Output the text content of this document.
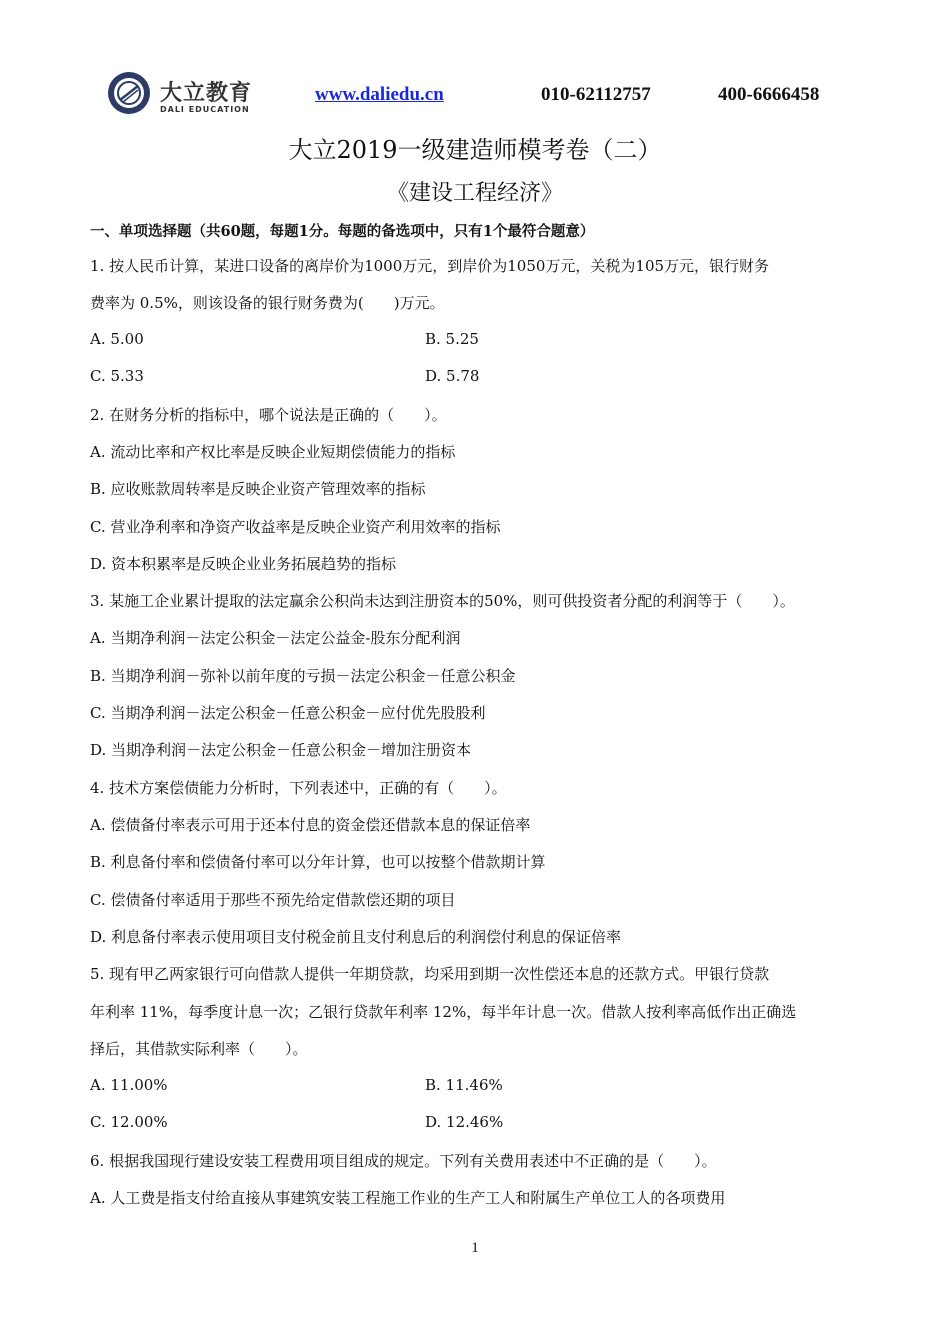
大立教育
DALI EDUCATION
www.daliedu.cn	010-62112757	400-6666458
大立2019一级建造师模考卷（二）
《建设工程经济》
一、单项选择题（共60题，每题1分。每题的备选项中，只有1个最符合题意）
1. 按人民币计算，某进口设备的离岸价为1000万元，到岸价为1050万元，关税为105万元，银行财务
费率为 0.5%，则该设备的银行财务费为(　　)万元。
A. 5.00	B. 5.25
C. 5.33	D. 5.78
2. 在财务分析的指标中，哪个说法是正确的（　　）。
A. 流动比率和产权比率是反映企业短期偿债能力的指标
B. 应收账款周转率是反映企业资产管理效率的指标
C. 营业净利率和净资产收益率是反映企业资产利用效率的指标
D. 资本积累率是反映企业业务拓展趋势的指标
3. 某施工企业累计提取的法定赢余公积尚未达到注册资本的50%，则可供投资者分配的利润等于（　　）。
A. 当期净利润－法定公积金－法定公益金-股东分配利润
B. 当期净利润－弥补以前年度的亏损－法定公积金－任意公积金
C. 当期净利润－法定公积金－任意公积金－应付优先股股利
D. 当期净利润－法定公积金－任意公积金－增加注册资本
4. 技术方案偿债能力分析时，下列表述中，正确的有（　　）。
A. 偿债备付率表示可用于还本付息的资金偿还借款本息的保证倍率
B. 利息备付率和偿债备付率可以分年计算，也可以按整个借款期计算
C. 偿债备付率适用于那些不预先给定借款偿还期的项目
D. 利息备付率表示使用项目支付税金前且支付利息后的利润偿付利息的保证倍率
5. 现有甲乙两家银行可向借款人提供一年期贷款，均采用到期一次性偿还本息的还款方式。甲银行贷款
年利率 11%，每季度计息一次；乙银行贷款年利率 12%，每半年计息一次。借款人按利率高低作出正确选
择后，其借款实际利率（　　）。
A. 11.00%	B. 11.46%
C. 12.00%	D. 12.46%
6. 根据我国现行建设安装工程费用项目组成的规定。下列有关费用表述中不正确的是（　　）。
A. 人工费是指支付给直接从事建筑安装工程施工作业的生产工人和附属生产单位工人的各项费用
1
